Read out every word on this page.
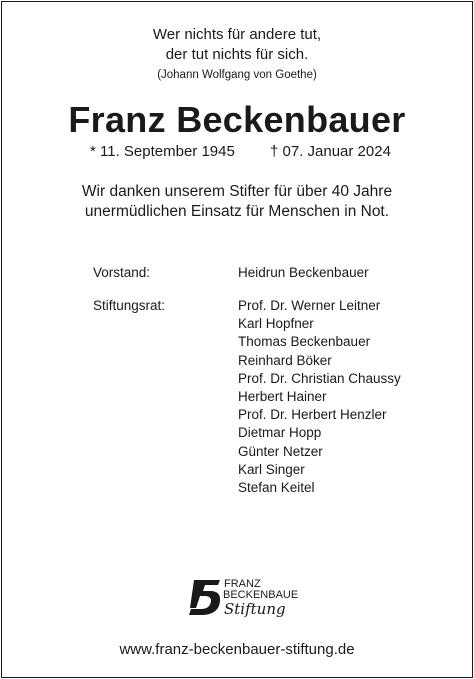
Wer nichts für andere tut,
der tut nichts für sich.
(Johann Wolfgang von Goethe)
Franz Beckenbauer
* 11. September 1945 † 07. Januar 2024
Wir danken unserem Stifter für über 40 Jahre
unermüdlichen Einsatz für Menschen in Not.
Vorstand:	Heidrun Beckenbauer
Stiftungsrat:	Prof. Dr. Werner Leitner
Karl Hopfner
Thomas Beckenbauer
Reinhard Böker
Prof. Dr. Christian Chaussy
Herbert Hainer
Prof. Dr. Herbert Henzler
Dietmar Hopp
Günter Netzer
Karl Singer
Stefan Keitel
FRANZ
BECKENBAUER
Stiftung
www.franz-beckenbauer-stiftung.de
